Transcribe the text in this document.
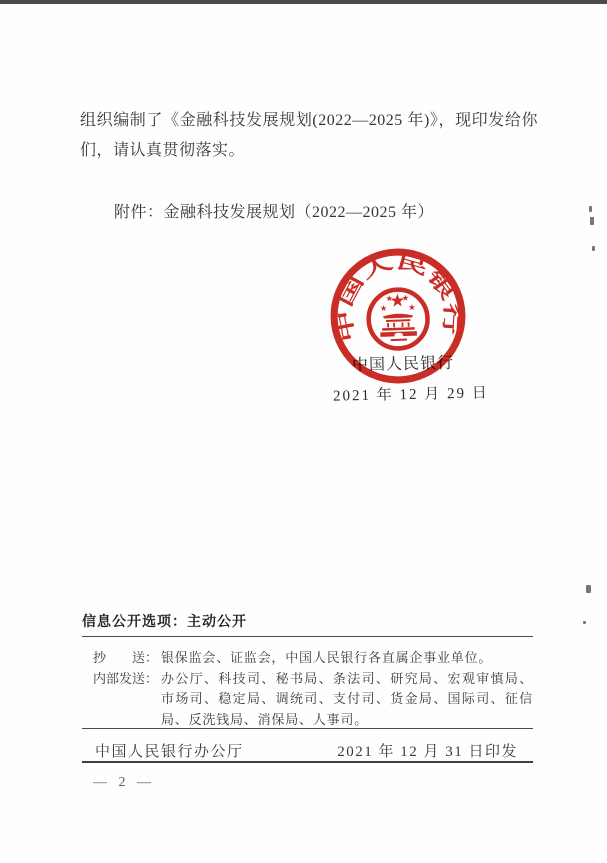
组织编制了《金融科技发展规划(2022—2025 年)》，现印发给你们，请认真贯彻落实。
附件：金融科技发展规划（2022—2025 年）
中国人民银行
2021 年 12 月 29 日
中国人民银行
信息公开选项：主动公开
抄　　送： 银保监会、证监会，中国人民银行各直属企事业单位。
内部发送： 办公厅、科技司、秘书局、条法司、研究局、宏观审慎局、市场司、稳定局、调统司、支付司、货金局、国际司、征信局、反洗钱局、消保局、人事司。
中国人民银行办公厅	2021 年 12 月 31 日印发
— 2 —
